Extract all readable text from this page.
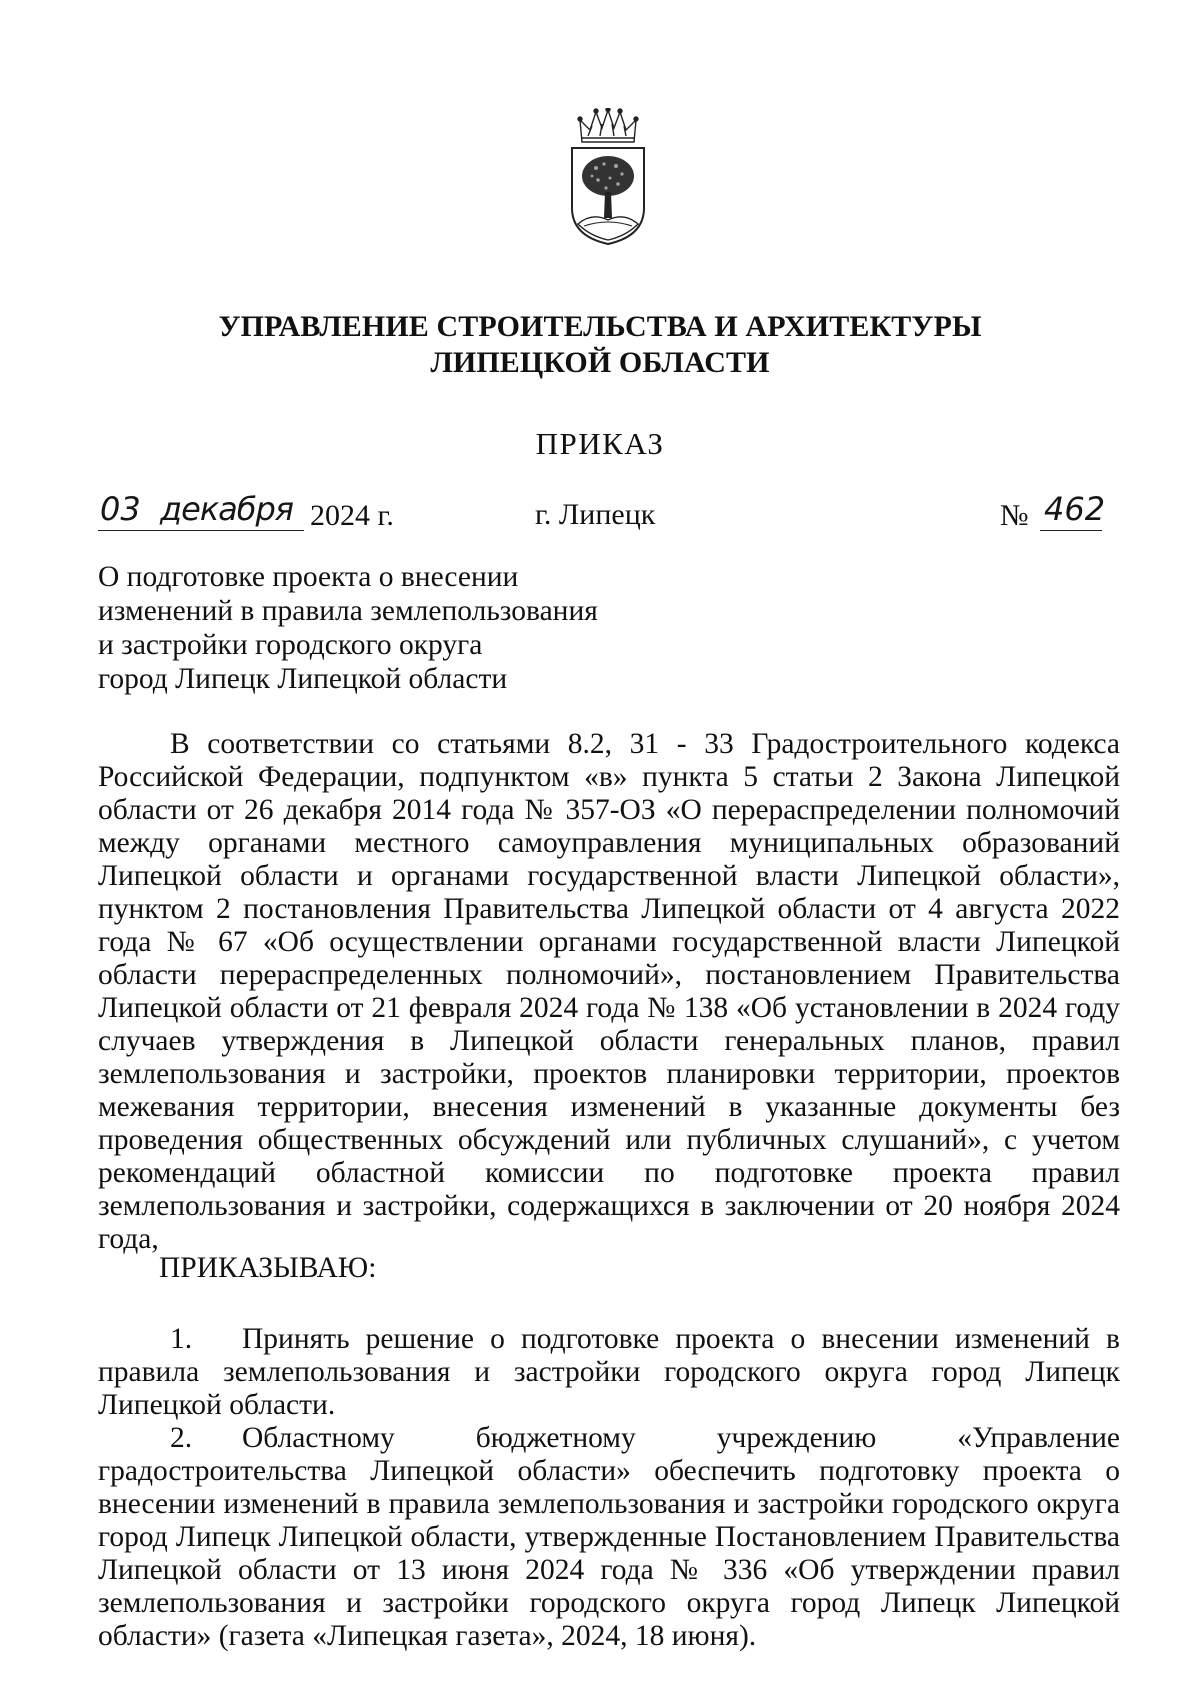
УПРАВЛЕНИЕ СТРОИТЕЛЬСТВА И АРХИТЕКТУРЫ
ЛИПЕЦКОЙ ОБЛАСТИ
ПРИКАЗ
03 декабря 2024 г.	г. Липецк	№ 462
О подготовке проекта о внесении
изменений в правила землепользования
и застройки городского округа
город Липецк Липецкой области
В соответствии со статьями 8.2, 31 - 33 Градостроительного кодекса Российской Федерации, подпунктом «в» пункта 5 статьи 2 Закона Липецкой области от 26 декабря 2014 года № 357-ОЗ «О перераспределении полномочий между органами местного самоуправления муниципальных образований Липецкой области и органами государственной власти Липецкой области», пунктом 2 постановления Правительства Липецкой области от 4 августа 2022 года № 67 «Об осуществлении органами государственной власти Липецкой области перераспределенных полномочий», постановлением Правительства Липецкой области от 21 февраля 2024 года № 138 «Об установлении в 2024 году случаев утверждения в Липецкой области генеральных планов, правил землепользования и застройки, проектов планировки территории, проектов межевания территории, внесения изменений в указанные документы без проведения общественных обсуждений или публичных слушаний», с учетом рекомендаций областной комиссии по подготовке проекта правил землепользования и застройки, содержащихся в заключении от 20 ноября 2024 года,
ПРИКАЗЫВАЮ:

1. Принять решение о подготовке проекта о внесении изменений в правила землепользования и застройки городского округа город Липецк Липецкой области.

2. Областному бюджетному учреждению «Управление градостроительства Липецкой области» обеспечить подготовку проекта о внесении изменений в правила землепользования и застройки городского округа город Липецк Липецкой области, утвержденные Постановлением Правительства Липецкой области от 13 июня 2024 года № 336 «Об утверждении правил землепользования и застройки городского округа город Липецк Липецкой области» (газета «Липецкая газета», 2024, 18 июня).
